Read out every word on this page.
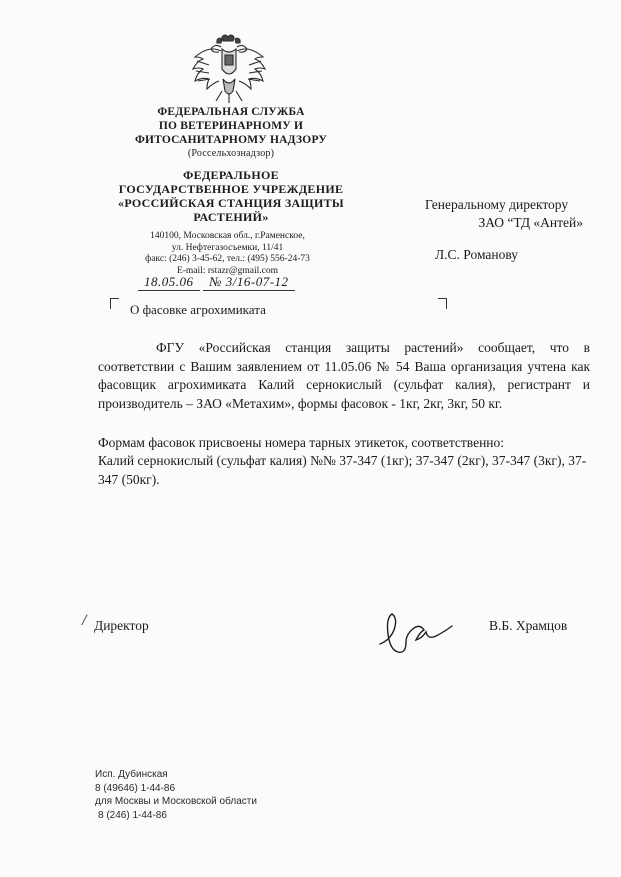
ФЕДЕРАЛЬНАЯ СЛУЖБА
ПО ВЕТЕРИНАРНОМУ И
ФИТОСАНИТАРНОМУ НАДЗОРУ
(Россельхознадзор)
ФЕДЕРАЛЬНОЕ
ГОСУДАРСТВЕННОЕ УЧРЕЖДЕНИЕ
«РОССИЙСКАЯ СТАНЦИЯ ЗАЩИТЫ
РАСТЕНИЙ»
140100, Московская обл., г.Раменское,
ул. Нефтегазосъемки, 11/41
факс: (246) 3-45-62, тел.: (495) 556-24-73
E-mail: rstazr@gmail.com
18.05.06 № 3/16-07-12
О фасовке агрохимиката
Генеральному директору
ЗАО “ТД «Антей»
Л.С. Романову
ФГУ «Российская станция защиты растений» сообщает, что в соответствии с Вашим заявлением от 11.05.06 № 54 Ваша организация учтена как фасовщик агрохимиката Калий сернокислый (сульфат калия), регистрант и производитель – ЗАО «Метахим», формы фасовок - 1кг, 2кг, 3кг, 50 кг.
Формам фасовок присвоены номера тарных этикеток, соответственно:
Калий сернокислый (сульфат калия) №№ 37-347 (1кг); 37-347 (2кг), 37-347 (3кг), 37-347 (50кг).
/ Директор	В.Б. Храмцов
Исп. Дубинская
8 (49646) 1-44-86
для Москвы и Московской области
8 (246) 1-44-86
